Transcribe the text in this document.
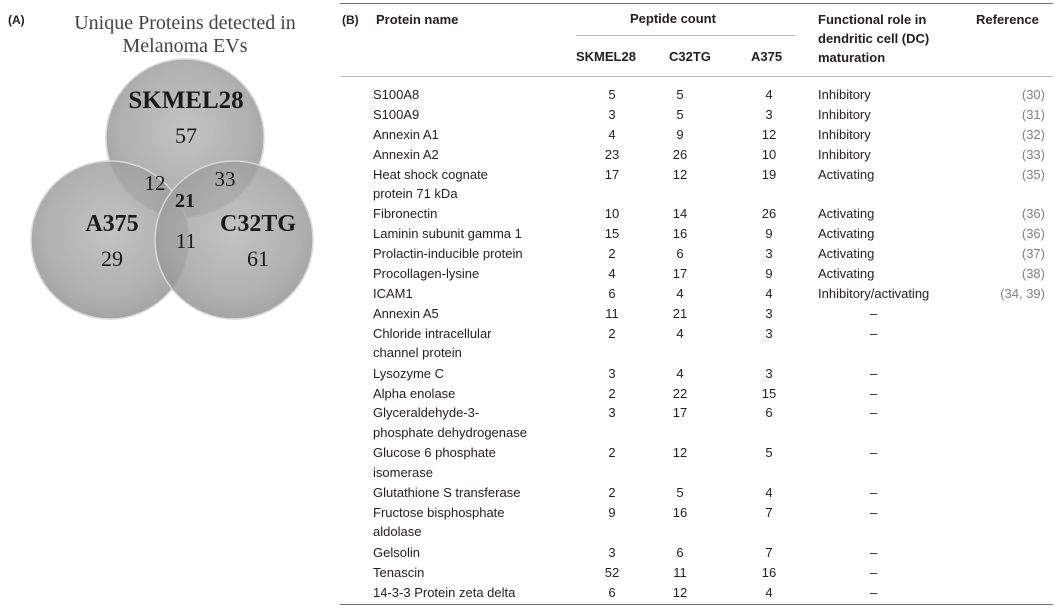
(A)	Unique Proteins detected in
Melanoma EVs
SKMEL28
57
A375
29
C32TG
61
12 33
21
11
(B) Protein name	Peptide count
SKMEL28	C32TG	A375
Functional role in
dendritic cell (DC)
maturation
Reference
S100A8	5	5	4	Inhibitory	(30)
S100A9	3	5	3	Inhibitory	(31)
Annexin A1	4	9	12	Inhibitory	(32)
Annexin A2	23	26	10	Inhibitory	(33)
Heat shock cognate
protein 71 kDa
17	12	19	Activating	(35)
Fibronectin	10	14	26	Activating	(36)
Laminin subunit gamma 1	15	16	9	Activating	(36)
Prolactin-inducible protein	2	6	3	Activating	(37)
Procollagen-lysine	4	17	9	Activating	(38)
ICAM1	6	4	4	Inhibitory/activating	(34, 39)
Annexin A5	11	21	3	–
Chloride intracellular
channel protein
2	4	3	–
Lysozyme C	3	4	3	–
Alpha enolase	2	22	15	–
Glyceraldehyde-3-
phosphate dehydrogenase
3	17	6	–
Glucose 6 phosphate
isomerase
2	12	5	–
Glutathione S transferase	2	5	4	–
Fructose bisphosphate
aldolase
9	16	7	–
Gelsolin	3	6	7	–
Tenascin	52	11	16	–
14-3-3 Protein zeta delta	6	12	4	–
